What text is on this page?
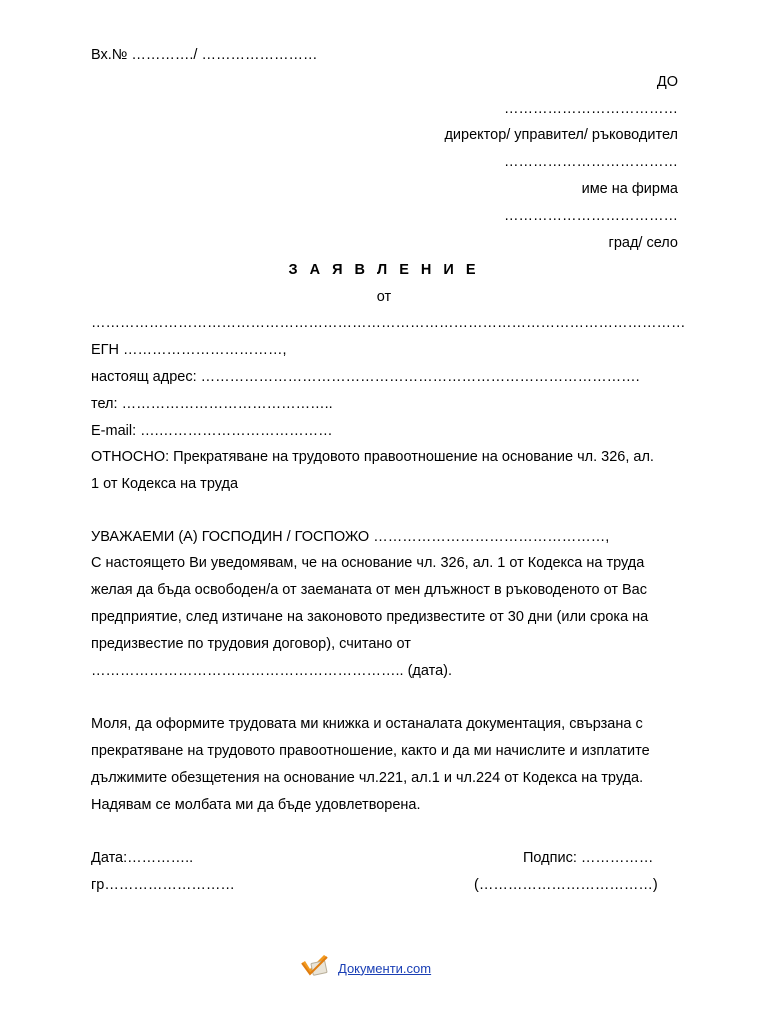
Вх.№ …………./ ……………………
ДО
………………………………
директор/ управител/ ръководител
………………………………
име на фирма
………………………………
град/ село
З А Я В Л Е Н И Е
от
……………………………………………………………………………………………………………
ЕГН ……………………………,
настоящ адрес: ……………………………………………………………………………….
тел: ……………………………………..
E-mail: ….………………………………
ОТНОСНО: Прекратяване на трудовото правоотношение на основание чл. 326, ал.
1 от Кодекса на труда
УВАЖАЕМИ (А) ГОСПОДИН / ГОСПОЖО …………………………………………,
С настоящето Ви уведомявам, че на основание чл. 326, ал. 1 от Кодекса на труда
желая да бъда освободен/а от заеманата от мен длъжност в ръководеното от Вас
предприятие, след изтичане на законовото предизвестите от 30 дни (или срока на
предизвестие по трудовия договор), считано от
……………………………………………………….. (дата).
Моля, да оформите трудовата ми книжка и останалата документация, свързана с
прекратяване на трудовото правоотношение, както и да ми начислите и изплатите
дължимите обезщетения на основание чл.221, ал.1 и чл.224 от Кодекса на труда.
Надявам се молбата ми да бъде удовлетворена.
Дата:…………..	Подпис: ……………
гр………………………	(………………………………)
Документи.com
